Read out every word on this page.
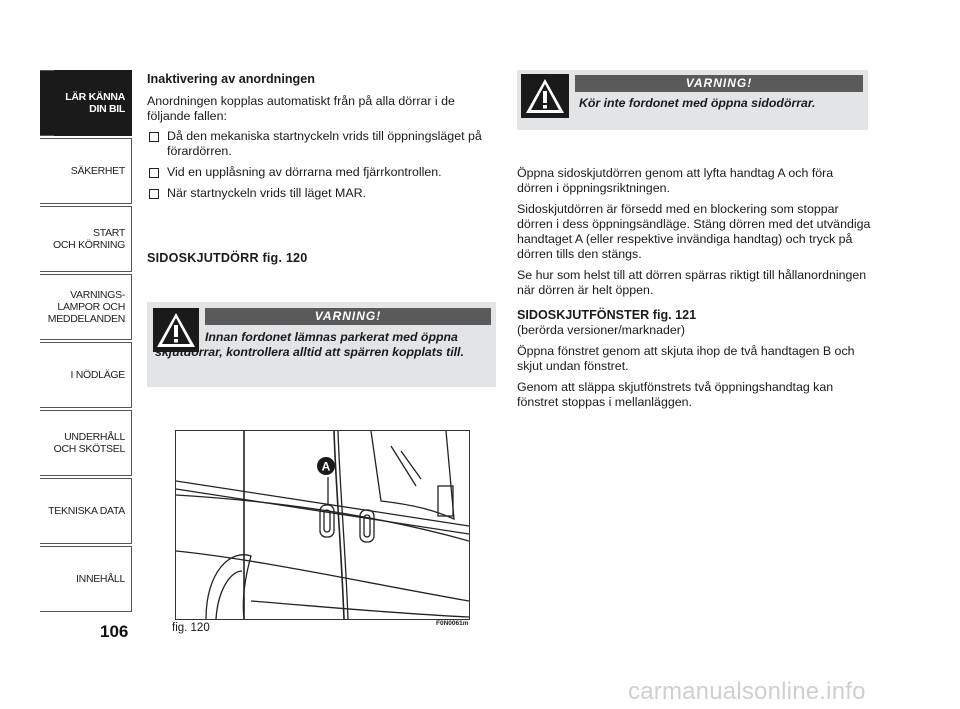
LÄR KÄNNA
DIN BIL
SÄKERHET
START
OCH KÖRNING
VARNINGS-
LAMPOR OCH
MEDDELANDEN
I NÖDLÄGE
UNDERHÅLL
OCH SKÖTSEL
TEKNISKA DATA
INNEHÅLL
106
Inaktivering av anordningen

Anordningen kopplas automatiskt från på alla dörrar i de följande fallen:

Då den mekaniska startnyckeln vrids till öppningsläget på förardörren.
Vid en upplåsning av dörrarna med fjärrkontrollen.
När startnyckeln vrids till läget MAR.
SIDOSKJUTDÖRR fig. 120
VARNING!
Innan fordonet lämnas parkerat med öppna skjutdörrar, kontrollera alltid att spärren kopplats till.
A
fig. 120	F0N0061m
VARNING!
Kör inte fordonet med öppna sidodörrar.

Öppna sidoskjutdörren genom att lyfta handtag A och föra dörren i öppningsriktningen.

Sidoskjutdörren är försedd med en blockering som stoppar dörren i dess öppningsändläge. Stäng dörren med det utvändiga handtaget A (eller respektive invändiga handtag) och tryck på dörren tills den stängs.

Se hur som helst till att dörren spärras riktigt till hållanordningen när dörren är helt öppen.

SIDOSKJUTFÖNSTER fig. 121

(berörda versioner/marknader)

Öppna fönstret genom att skjuta ihop de två handtagen B och skjut undan fönstret.

Genom att släppa skjutfönstrets två öppningshandtag kan fönstret stoppas i mellanläggen.

carmanualsonline.info
